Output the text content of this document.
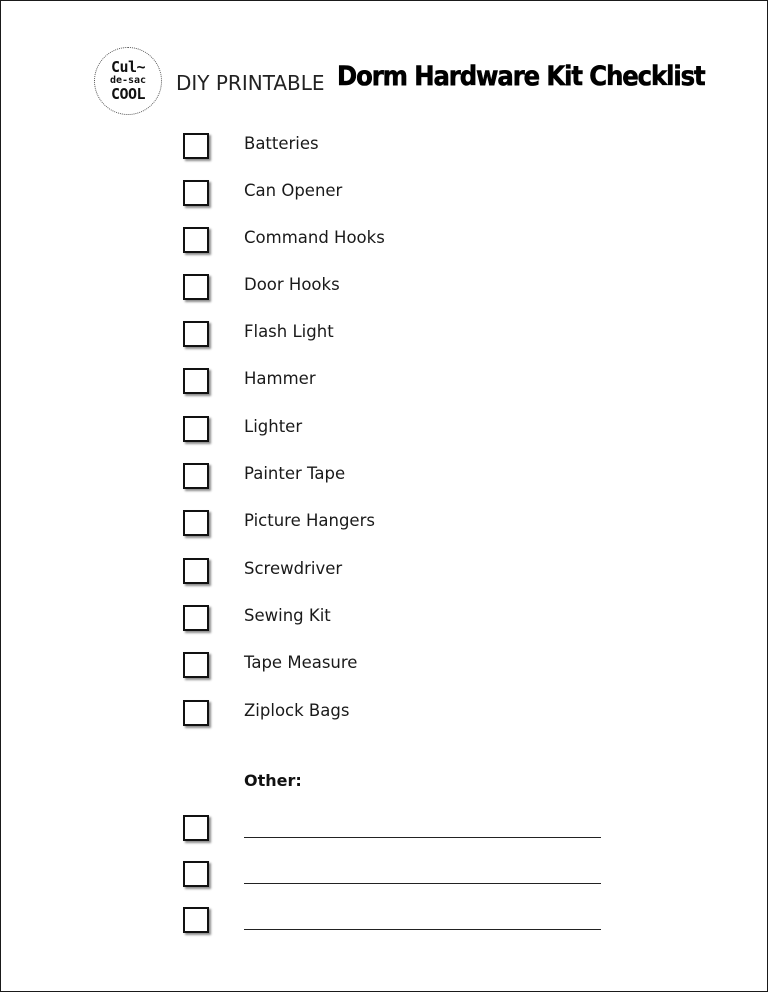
Cul~
de-sac
COOL DIY PRINTABLE Dorm Hardware Kit Checklist
Batteries
Can Opener
Command Hooks
Door Hooks
Flash Light
Hammer
Lighter
Painter Tape
Picture Hangers
Screwdriver
Sewing Kit
Tape Measure
Ziplock Bags
Other:
